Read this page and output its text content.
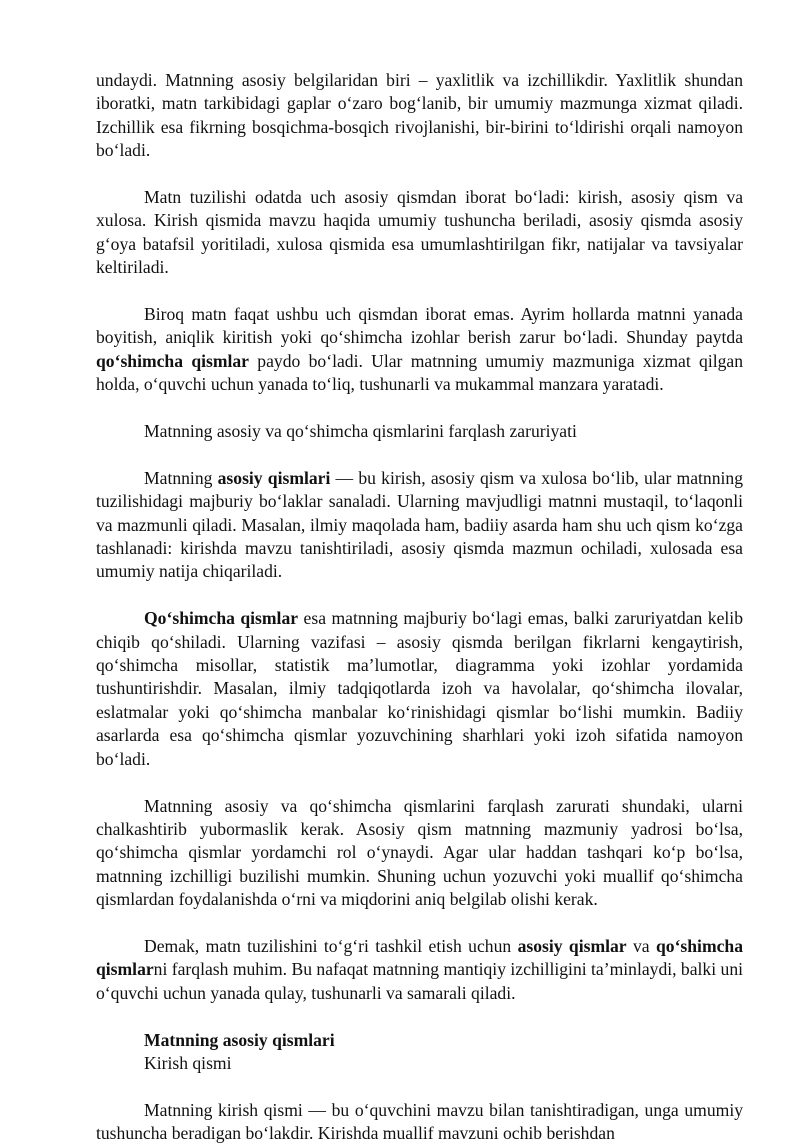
undaydi. Matnning asosiy belgilaridan biri – yaxlitlik va izchillikdir. Yaxlitlik shundan iboratki, matn tarkibidagi gaplar o‘zaro bog‘lanib, bir umumiy mazmunga xizmat qiladi. Izchillik esa fikrning bosqichma-bosqich rivojlanishi, bir-birini to‘ldirishi orqali namoyon bo‘ladi.

Matn tuzilishi odatda uch asosiy qismdan iborat bo‘ladi: kirish, asosiy qism va xulosa. Kirish qismida mavzu haqida umumiy tushuncha beriladi, asosiy qismda asosiy g‘oya batafsil yoritiladi, xulosa qismida esa umumlashtirilgan fikr, natijalar va tavsiyalar keltiriladi.

Biroq matn faqat ushbu uch qismdan iborat emas. Ayrim hollarda matnni yanada boyitish, aniqlik kiritish yoki qo‘shimcha izohlar berish zarur bo‘ladi. Shunday paytda qo‘shimcha qismlar paydo bo‘ladi. Ular matnning umumiy mazmuniga xizmat qilgan holda, o‘quvchi uchun yanada to‘liq, tushunarli va mukammal manzara yaratadi.

Matnning asosiy va qo‘shimcha qismlarini farqlash zaruriyati

Matnning asosiy qismlari — bu kirish, asosiy qism va xulosa bo‘lib, ular matnning tuzilishidagi majburiy bo‘laklar sanaladi. Ularning mavjudligi matnni mustaqil, to‘laqonli va mazmunli qiladi. Masalan, ilmiy maqolada ham, badiiy asarda ham shu uch qism ko‘zga tashlanadi: kirishda mavzu tanishtiriladi, asosiy qismda mazmun ochiladi, xulosada esa umumiy natija chiqariladi.

Qo‘shimcha qismlar esa matnning majburiy bo‘lagi emas, balki zaruriyatdan kelib chiqib qo‘shiladi. Ularning vazifasi – asosiy qismda berilgan fikrlarni kengaytirish, qo‘shimcha misollar, statistik ma’lumotlar, diagramma yoki izohlar yordamida tushuntirishdir. Masalan, ilmiy tadqiqotlarda izoh va havolalar, qo‘shimcha ilovalar, eslatmalar yoki qo‘shimcha manbalar ko‘rinishidagi qismlar bo‘lishi mumkin. Badiiy asarlarda esa qo‘shimcha qismlar yozuvchining sharhlari yoki izoh sifatida namoyon bo‘ladi.

Matnning asosiy va qo‘shimcha qismlarini farqlash zarurati shundaki, ularni chalkashtirib yubormaslik kerak. Asosiy qism matnning mazmuniy yadrosi bo‘lsa, qo‘shimcha qismlar yordamchi rol o‘ynaydi. Agar ular haddan tashqari ko‘p bo‘lsa, matnning izchilligi buzilishi mumkin. Shuning uchun yozuvchi yoki muallif qo‘shimcha qismlardan foydalanishda o‘rni va miqdorini aniq belgilab olishi kerak.

Demak, matn tuzilishini to‘g‘ri tashkil etish uchun asosiy qismlar va qo‘shimcha qismlarni farqlash muhim. Bu nafaqat matnning mantiqiy izchilligini ta’minlaydi, balki uni o‘quvchi uchun yanada qulay, tushunarli va samarali qiladi.

Matnning asosiy qismlari

Kirish qismi

Matnning kirish qismi — bu o‘quvchini mavzu bilan tanishtiradigan, unga umumiy tushuncha beradigan bo‘lakdir. Kirishda muallif mavzuni ochib berishdan
